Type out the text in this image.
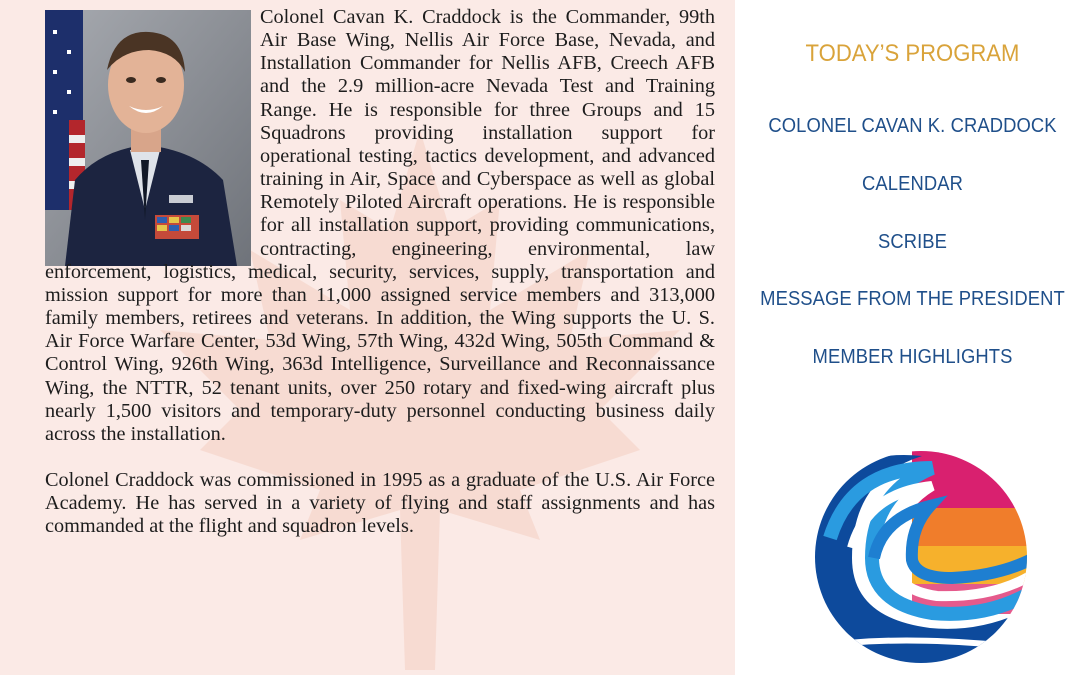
Colonel Cavan K. Craddock is the Commander, 99th Air Base Wing, Nellis Air Force Base, Nevada, and Installation Commander for Nellis AFB, Creech AFB and the 2.9 million-acre Nevada Test and Training Range. He is responsible for three Groups and 15 Squadrons providing installation support for operational testing, tactics development, and advanced training in Air, Space and Cyberspace as well as global Remotely Piloted Aircraft operations. He is responsible for all installation support, providing communications, contracting, engineering, environmental, law enforcement, logistics, medical, security, services, supply, transportation and mission support for more than 11,000 assigned service members and 313,000 family members, retirees and veterans. In addition, the Wing supports the U. S. Air Force Warfare Center, 53d Wing, 57th Wing, 432d Wing, 505th Command & Control Wing, 926th Wing, 363d Intelligence, Surveillance and Reconnaissance Wing, the NTTR, 52 tenant units, over 250 rotary and fixed-wing aircraft plus nearly 1,500 visitors and temporary-duty personnel conducting business daily across the installation.

Colonel Craddock was commissioned in 1995 as a graduate of the U.S. Air Force Academy. He has served in a variety of flying and staff assignments and has commanded at the flight and squadron levels.

TODAY’S PROGRAM
COLONEL CAVAN K. CRADDOCK
CALENDAR
SCRIBE
MESSAGE FROM THE PRESIDENT
MEMBER HIGHLIGHTS
